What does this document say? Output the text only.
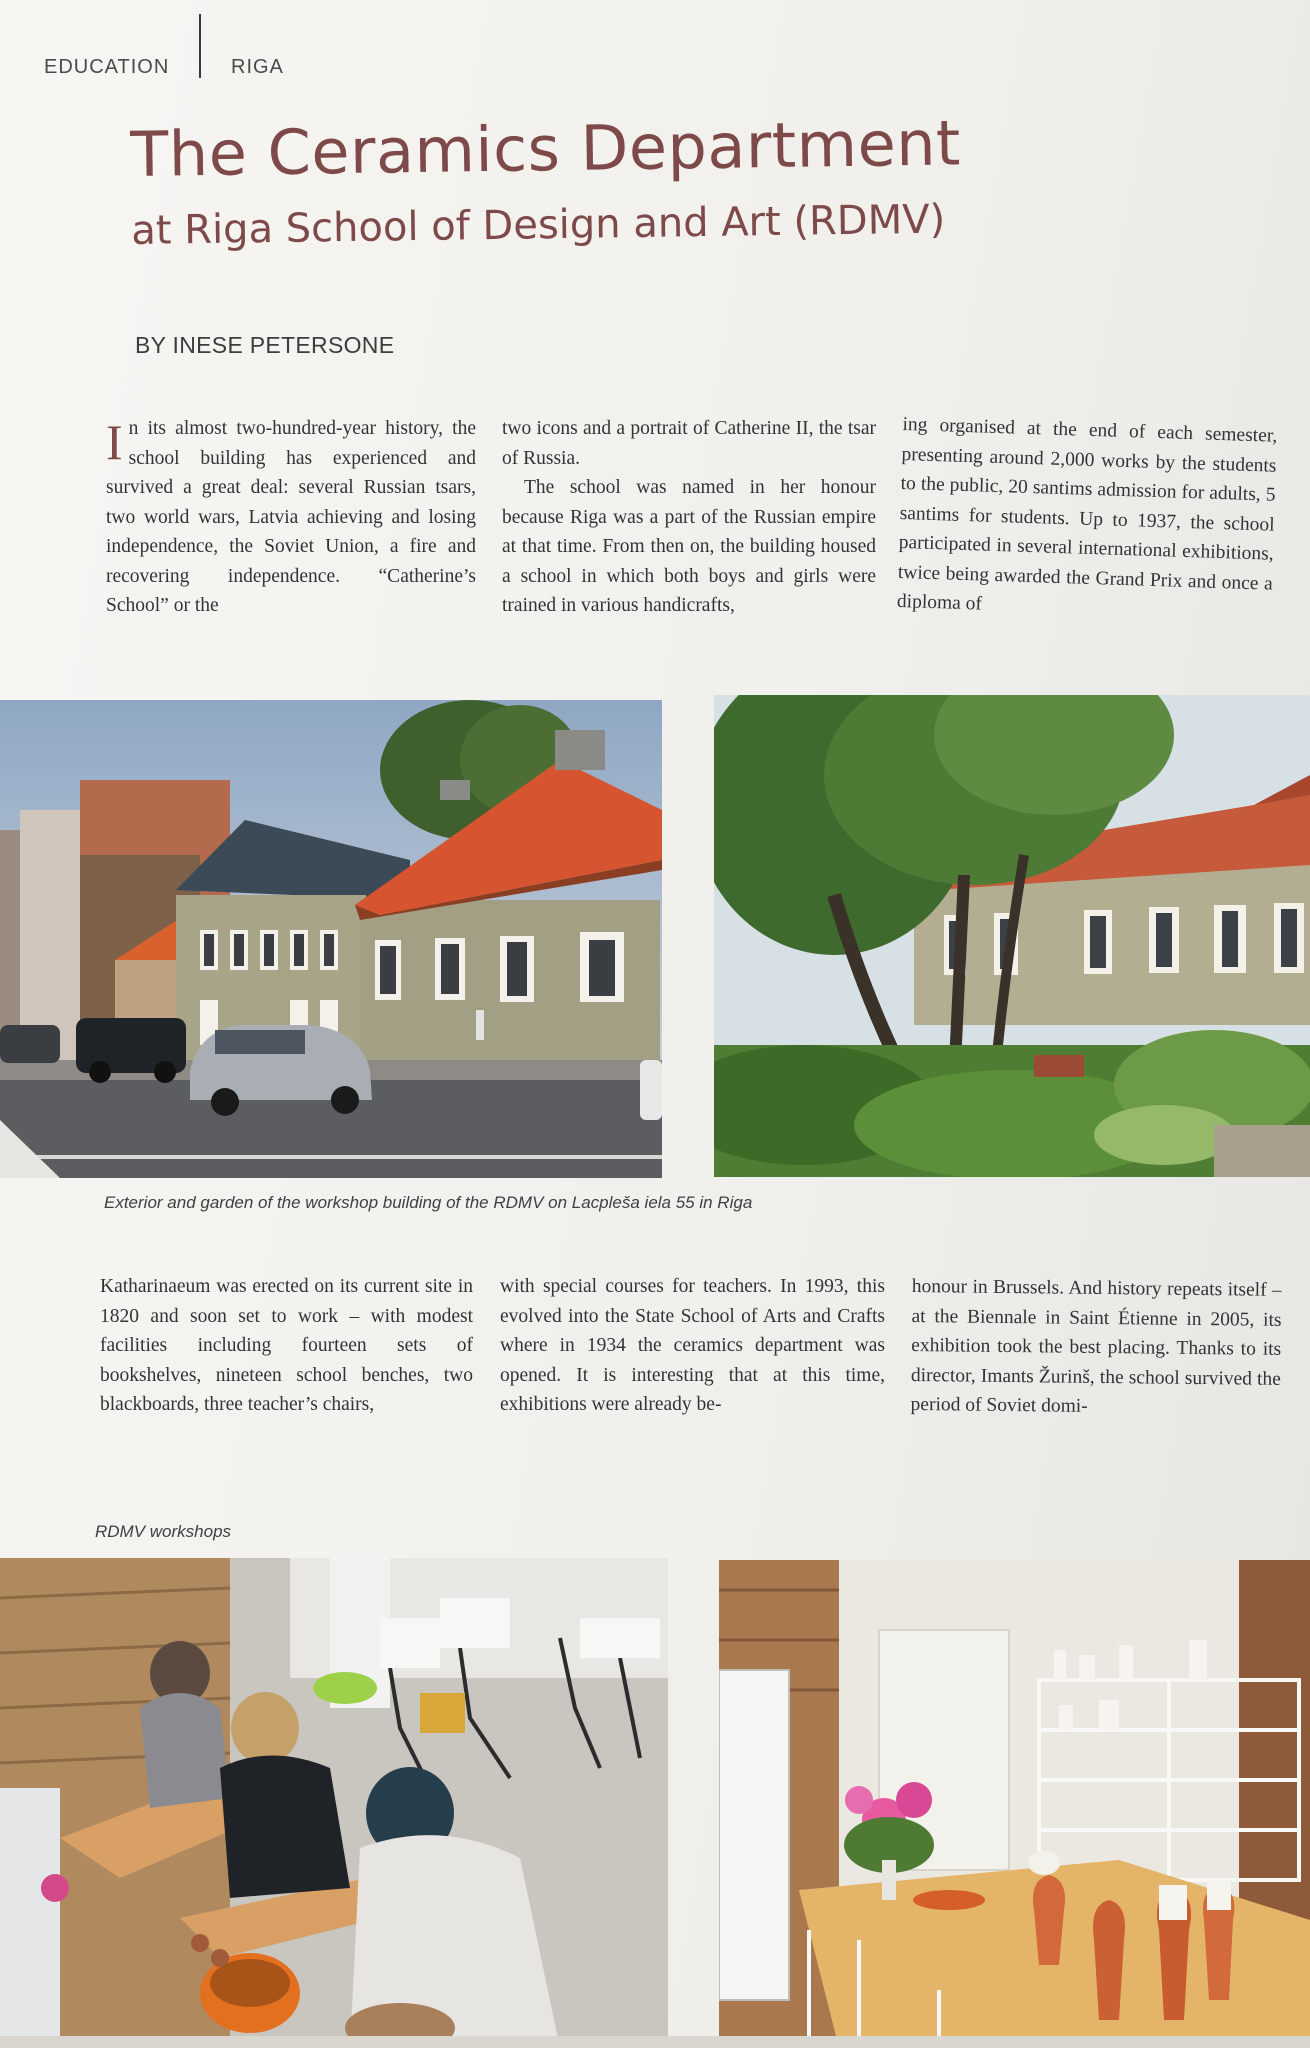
EDUCATION	RIGA
The Ceramics Department
at Riga School of Design and Art (RDMV)
BY INESE PETERSONE
I n its almost two-hundred-year history, the school building has experienced and survived a great deal: several Russian tsars, two world wars, Latvia achieving and losing independence, the Soviet Union, a fire and recovering independence. “Catherine’s School” or the

two icons and a portrait of Catherine II, the tsar of Russia.

The school was named in her honour because Riga was a part of the Russian empire at that time. From then on, the building housed a school in which both boys and girls were trained in various handicrafts,

ing organised at the end of each semester, presenting around 2,000 works by the students to the public, 20 santims admission for adults, 5 santims for students. Up to 1937, the school participated in several international exhibitions, twice being awarded the Grand Prix and once a diploma of
Exterior and garden of the workshop building of the RDMV on Lacpleša iela 55 in Riga
Katharinaeum was erected on its current site in 1820 and soon set to work – with modest facilities including fourteen sets of bookshelves, nineteen school benches, two blackboards, three teacher’s chairs,
with special courses for teachers. In 1993, this evolved into the State School of Arts and Crafts where in 1934 the ceramics department was opened. It is interesting that at this time, exhibitions were already be-
honour in Brussels. And history repeats itself – at the Biennale in Saint Étienne in 2005, its exhibition took the best placing. Thanks to its director, Imants Žurinš, the school survived the period of Soviet domi-
RDMV workshops
